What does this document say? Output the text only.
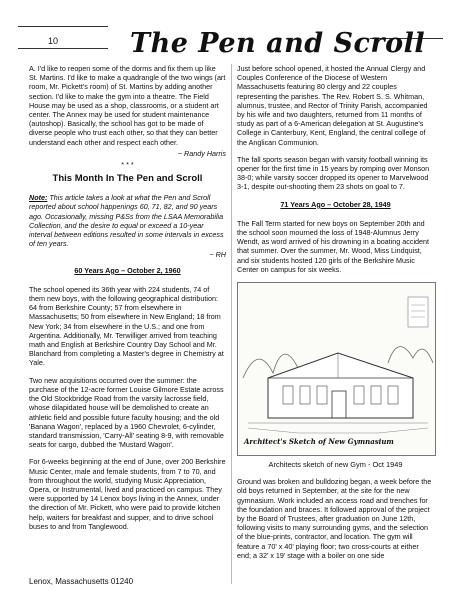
10	The Pen and Scroll

A. I'd like to reopen some of the dorms and fix them up like St. Martins. I'd like to make a quadrangle of the two wings (art room, Mr. Pickett's room) of St. Martins by adding another section. I'd like to make the gym into a theatre. The Field House may be used as a shop, classrooms, or a student art center. The Annex may be used for student maintenance (autoshop). Basically, the school has got to be made of diverse people who trust each other, so that they can better understand each other and respect each other.

~ Randy Harris
* * *
This Month In The Pen and Scroll

Note: This article takes a look at what the Pen and Scroll reported about school happenings 60, 71, 82, and 90 years ago. Occasionally, missing P&Ss from the LSAA Memorabilia Collection, and the desire to equal or exceed a 10-year interval between editions resulted in some intervals in excess of ten years.

~ RH
60 Years Ago – October 2, 1960

The school opened its 36th year with 224 students, 74 of them new boys, with the following geographical distribution: 64 from Berkshire County; 57 from elsewhere in Massachusetts; 50 from elsewhere in New England; 18 from New York; 34 from elsewhere in the U.S.; and one from Argentina. Additionally, Mr. Terwilliger arrived from teaching math and English at Berkshire Country Day School and Mr. Blanchard from completing a Master's degree in Chemistry at Yale.

Two new acquisitions occurred over the summer: the purchase of the 12-acre former Louise Gilmore Estate across the Old Stockbridge Road from the varsity lacrosse field, whose dilapidated house will be demolished to create an athletic field and possible future faculty housing; and the old 'Banana Wagon', replaced by a 1960 Chevrolet, 6-cylinder, standard transmission, 'Carry-All' seating 8-9, with removable seats for cargo, dubbed the 'Mustard Wagon'.

For 6-weeks beginning at the end of June, over 200 Berkshire Music Center, male and female students, from 7 to 70, and from throughout the world, studying Music Appreciation, Opera, or Instrumental, lived and practiced on campus. They were supported by 14 Lenox boys living in the Annex, under the direction of Mr. Pickett, who were paid to provide kitchen help, waiters for breakfast and supper, and to drive school buses to and from Tanglewood.

Just before school opened, it hosted the Annual Clergy and Couples Conference of the Diocese of Western Massachusetts featuring 80 clergy and 22 couples representing the parishes. The Rev. Robert S. S. Whitman, alumnus, trustee, and Rector of Trinity Parish, accompanied by his wife and two daughters, returned from 11 months of study as part of a 6-American delegation at St. Augustine's College in Canterbury, Kent, England, the central college of the Anglican Communion.

The fall sports season began with varsity football winning its opener for the first time in 15 years by romping over Monson 38-0; while varsity soccer dropped its opener to Marvelwood 3-1, despite out-shooting them 23 shots on goal to 7.

71 Years Ago – October 28, 1949

The Fall Term started for new boys on September 20th and the school soon mourned the loss of 1948-Alumnus Jerry Wendt, as word arrived of his drowning in a boating accident that summer. Over the summer, Mr. Wood, Miss Lindquist, and six students hosted 120 girls of the Berkshire Music Center on campus for six weeks.

Architect's Sketch of New Gymnasium
Architects sketch of new Gym - Oct 1949

Ground was broken and bulldozing began, a week before the old boys returned in September, at the site for the new gymnasium. Work included an access road and trenches for the foundation and braces. It followed approval of the project by the Board of Trustees, after graduation on June 12th, following visits to many surrounding gyms, and the selection of the blue-prints, contractor, and location. The gym will feature a 70' x 40' playing floor; two cross-courts at either end; a 32' x 19' stage with a boiler on one side

Lenox, Massachusetts 01240
